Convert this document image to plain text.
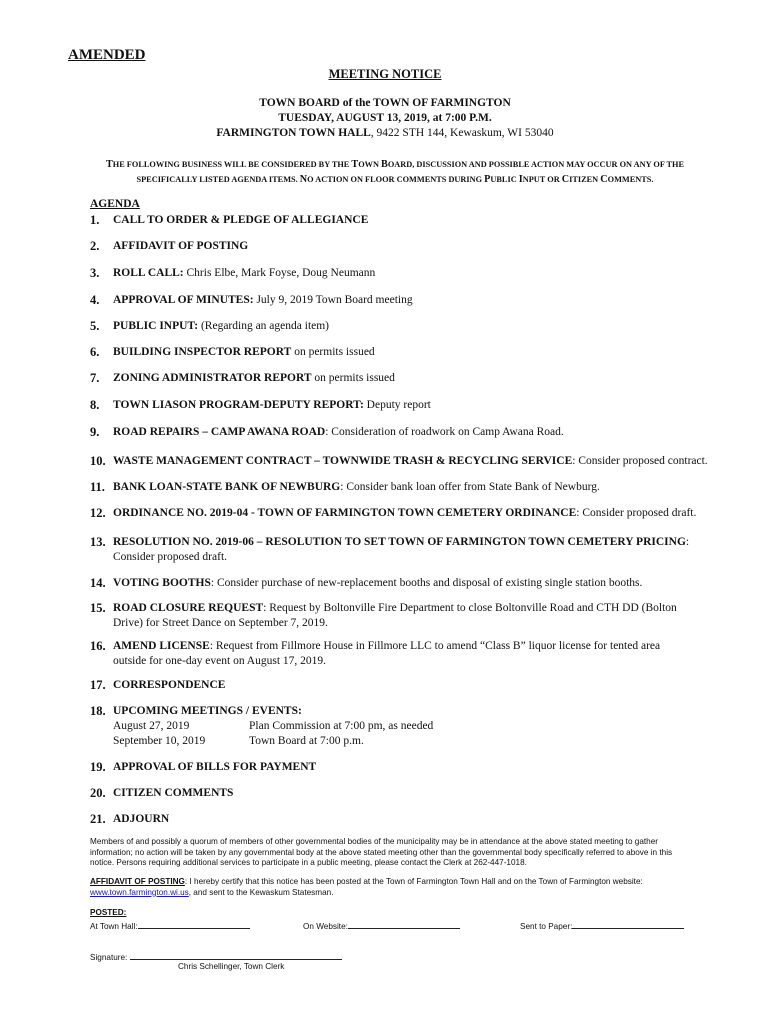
AMENDED
MEETING NOTICE
TOWN BOARD of the TOWN OF FARMINGTON
TUESDAY, AUGUST 13, 2019, at 7:00 P.M.
FARMINGTON TOWN HALL, 9422 STH 144, Kewaskum, WI 53040
THE FOLLOWING BUSINESS WILL BE CONSIDERED BY THE TOWN BOARD, DISCUSSION AND POSSIBLE ACTION MAY OCCUR ON ANY OF THE
SPECIFICALLY LISTED AGENDA ITEMS. NO ACTION ON FLOOR COMMENTS DURING PUBLIC INPUT OR CITIZEN COMMENTS.
AGENDA
1. CALL TO ORDER & PLEDGE OF ALLEGIANCE
2. AFFIDAVIT OF POSTING
3. ROLL CALL: Chris Elbe, Mark Foyse, Doug Neumann
4. APPROVAL OF MINUTES: July 9, 2019 Town Board meeting
5. PUBLIC INPUT: (Regarding an agenda item)
6. BUILDING INSPECTOR REPORT on permits issued
7. ZONING ADMINISTRATOR REPORT on permits issued
8. TOWN LIASON PROGRAM-DEPUTY REPORT: Deputy report
9. ROAD REPAIRS – CAMP AWANA ROAD: Consideration of roadwork on Camp Awana Road.
10. WASTE MANAGEMENT CONTRACT – TOWNWIDE TRASH & RECYCLING SERVICE: Consider proposed contract.
11. BANK LOAN-STATE BANK OF NEWBURG: Consider bank loan offer from State Bank of Newburg.
12. ORDINANCE NO. 2019-04 - TOWN OF FARMINGTON TOWN CEMETERY ORDINANCE: Consider proposed draft.
13. RESOLUTION NO. 2019-06 – RESOLUTION TO SET TOWN OF FARMINGTON TOWN CEMETERY PRICING:
Consider proposed draft.
14. VOTING BOOTHS: Consider purchase of new-replacement booths and disposal of existing single station booths.
15. ROAD CLOSURE REQUEST: Request by Boltonville Fire Department to close Boltonville Road and CTH DD (Bolton
Drive) for Street Dance on September 7, 2019.
16. AMEND LICENSE: Request from Fillmore House in Fillmore LLC to amend “Class B” liquor license for tented area
outside for one-day event on August 17, 2019.
17. CORRESPONDENCE
18. UPCOMING MEETINGS / EVENTS:
August 27, 2019	Plan Commission at 7:00 pm, as needed
September 10, 2019	Town Board at 7:00 p.m.
19. APPROVAL OF BILLS FOR PAYMENT
20. CITIZEN COMMENTS
21. ADJOURN
Members of and possibly a quorum of members of other governmental bodies of the municipality may be in attendance at the above stated meeting to gather
information; no action will be taken by any governmental body at the above stated meeting other than the governmental body specifically referred to above in this
notice. Persons requiring additional services to participate in a public meeting, please contact the Clerk at 262-447-1018.
AFFIDAVIT OF POSTING: I hereby certify that this notice has been posted at the Town of Farmington Town Hall and on the Town of Farmington website:
www.town.farmington.wi.us, and sent to the Kewaskum Statesman.
POSTED:
At Town Hall:	On Website:	Sent to Paper:
Signature:
Chris Schellinger, Town Clerk
